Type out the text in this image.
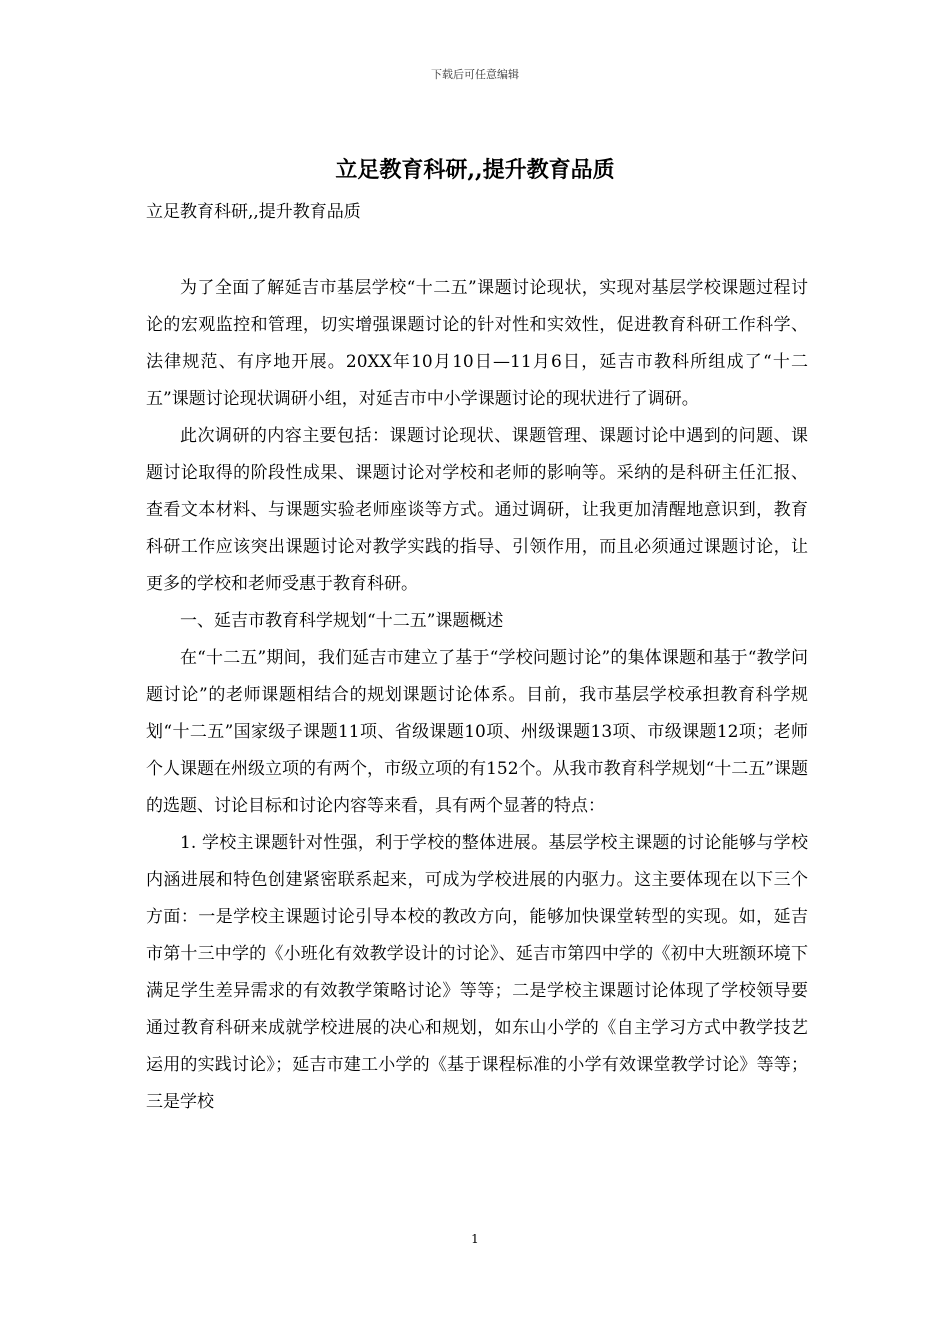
下载后可任意编辑
立足教育科研,,提升教育品质
立足教育科研,,提升教育品质

为了全面了解延吉市基层学校“十二五”课题讨论现状，实现对基层学校课题过程讨论的宏观监控和管理，切实增强课题讨论的针对性和实效性，促进教育科研工作科学、法律规范、有序地开展。20XX年10月10日—11月6日，延吉市教科所组成了“十二五”课题讨论现状调研小组，对延吉市中小学课题讨论的现状进行了调研。

此次调研的内容主要包括：课题讨论现状、课题管理、课题讨论中遇到的问题、课题讨论取得的阶段性成果、课题讨论对学校和老师的影响等。采纳的是科研主任汇报、查看文本材料、与课题实验老师座谈等方式。通过调研，让我更加清醒地意识到，教育科研工作应该突出课题讨论对教学实践的指导、引领作用，而且必须通过课题讨论，让更多的学校和老师受惠于教育科研。

一、延吉市教育科学规划“十二五”课题概述

在“十二五”期间，我们延吉市建立了基于“学校问题讨论”的集体课题和基于“教学问题讨论”的老师课题相结合的规划课题讨论体系。目前，我市基层学校承担教育科学规划“十二五”国家级子课题11项、省级课题10项、州级课题13项、市级课题12项；老师个人课题在州级立项的有两个，市级立项的有152个。从我市教育科学规划“十二五”课题的选题、讨论目标和讨论内容等来看，具有两个显著的特点：

1. 学校主课题针对性强，利于学校的整体进展。基层学校主课题的讨论能够与学校内涵进展和特色创建紧密联系起来，可成为学校进展的内驱力。这主要体现在以下三个方面：一是学校主课题讨论引导本校的教改方向，能够加快课堂转型的实现。如，延吉市第十三中学的《小班化有效教学设计的讨论》、延吉市第四中学的《初中大班额环境下满足学生差异需求的有效教学策略讨论》等等；二是学校主课题讨论体现了学校领导要通过教育科研来成就学校进展的决心和规划，如东山小学的《自主学习方式中教学技艺运用的实践讨论》；延吉市建工小学的《基于课程标准的小学有效课堂教学讨论》等等；三是学校

1
